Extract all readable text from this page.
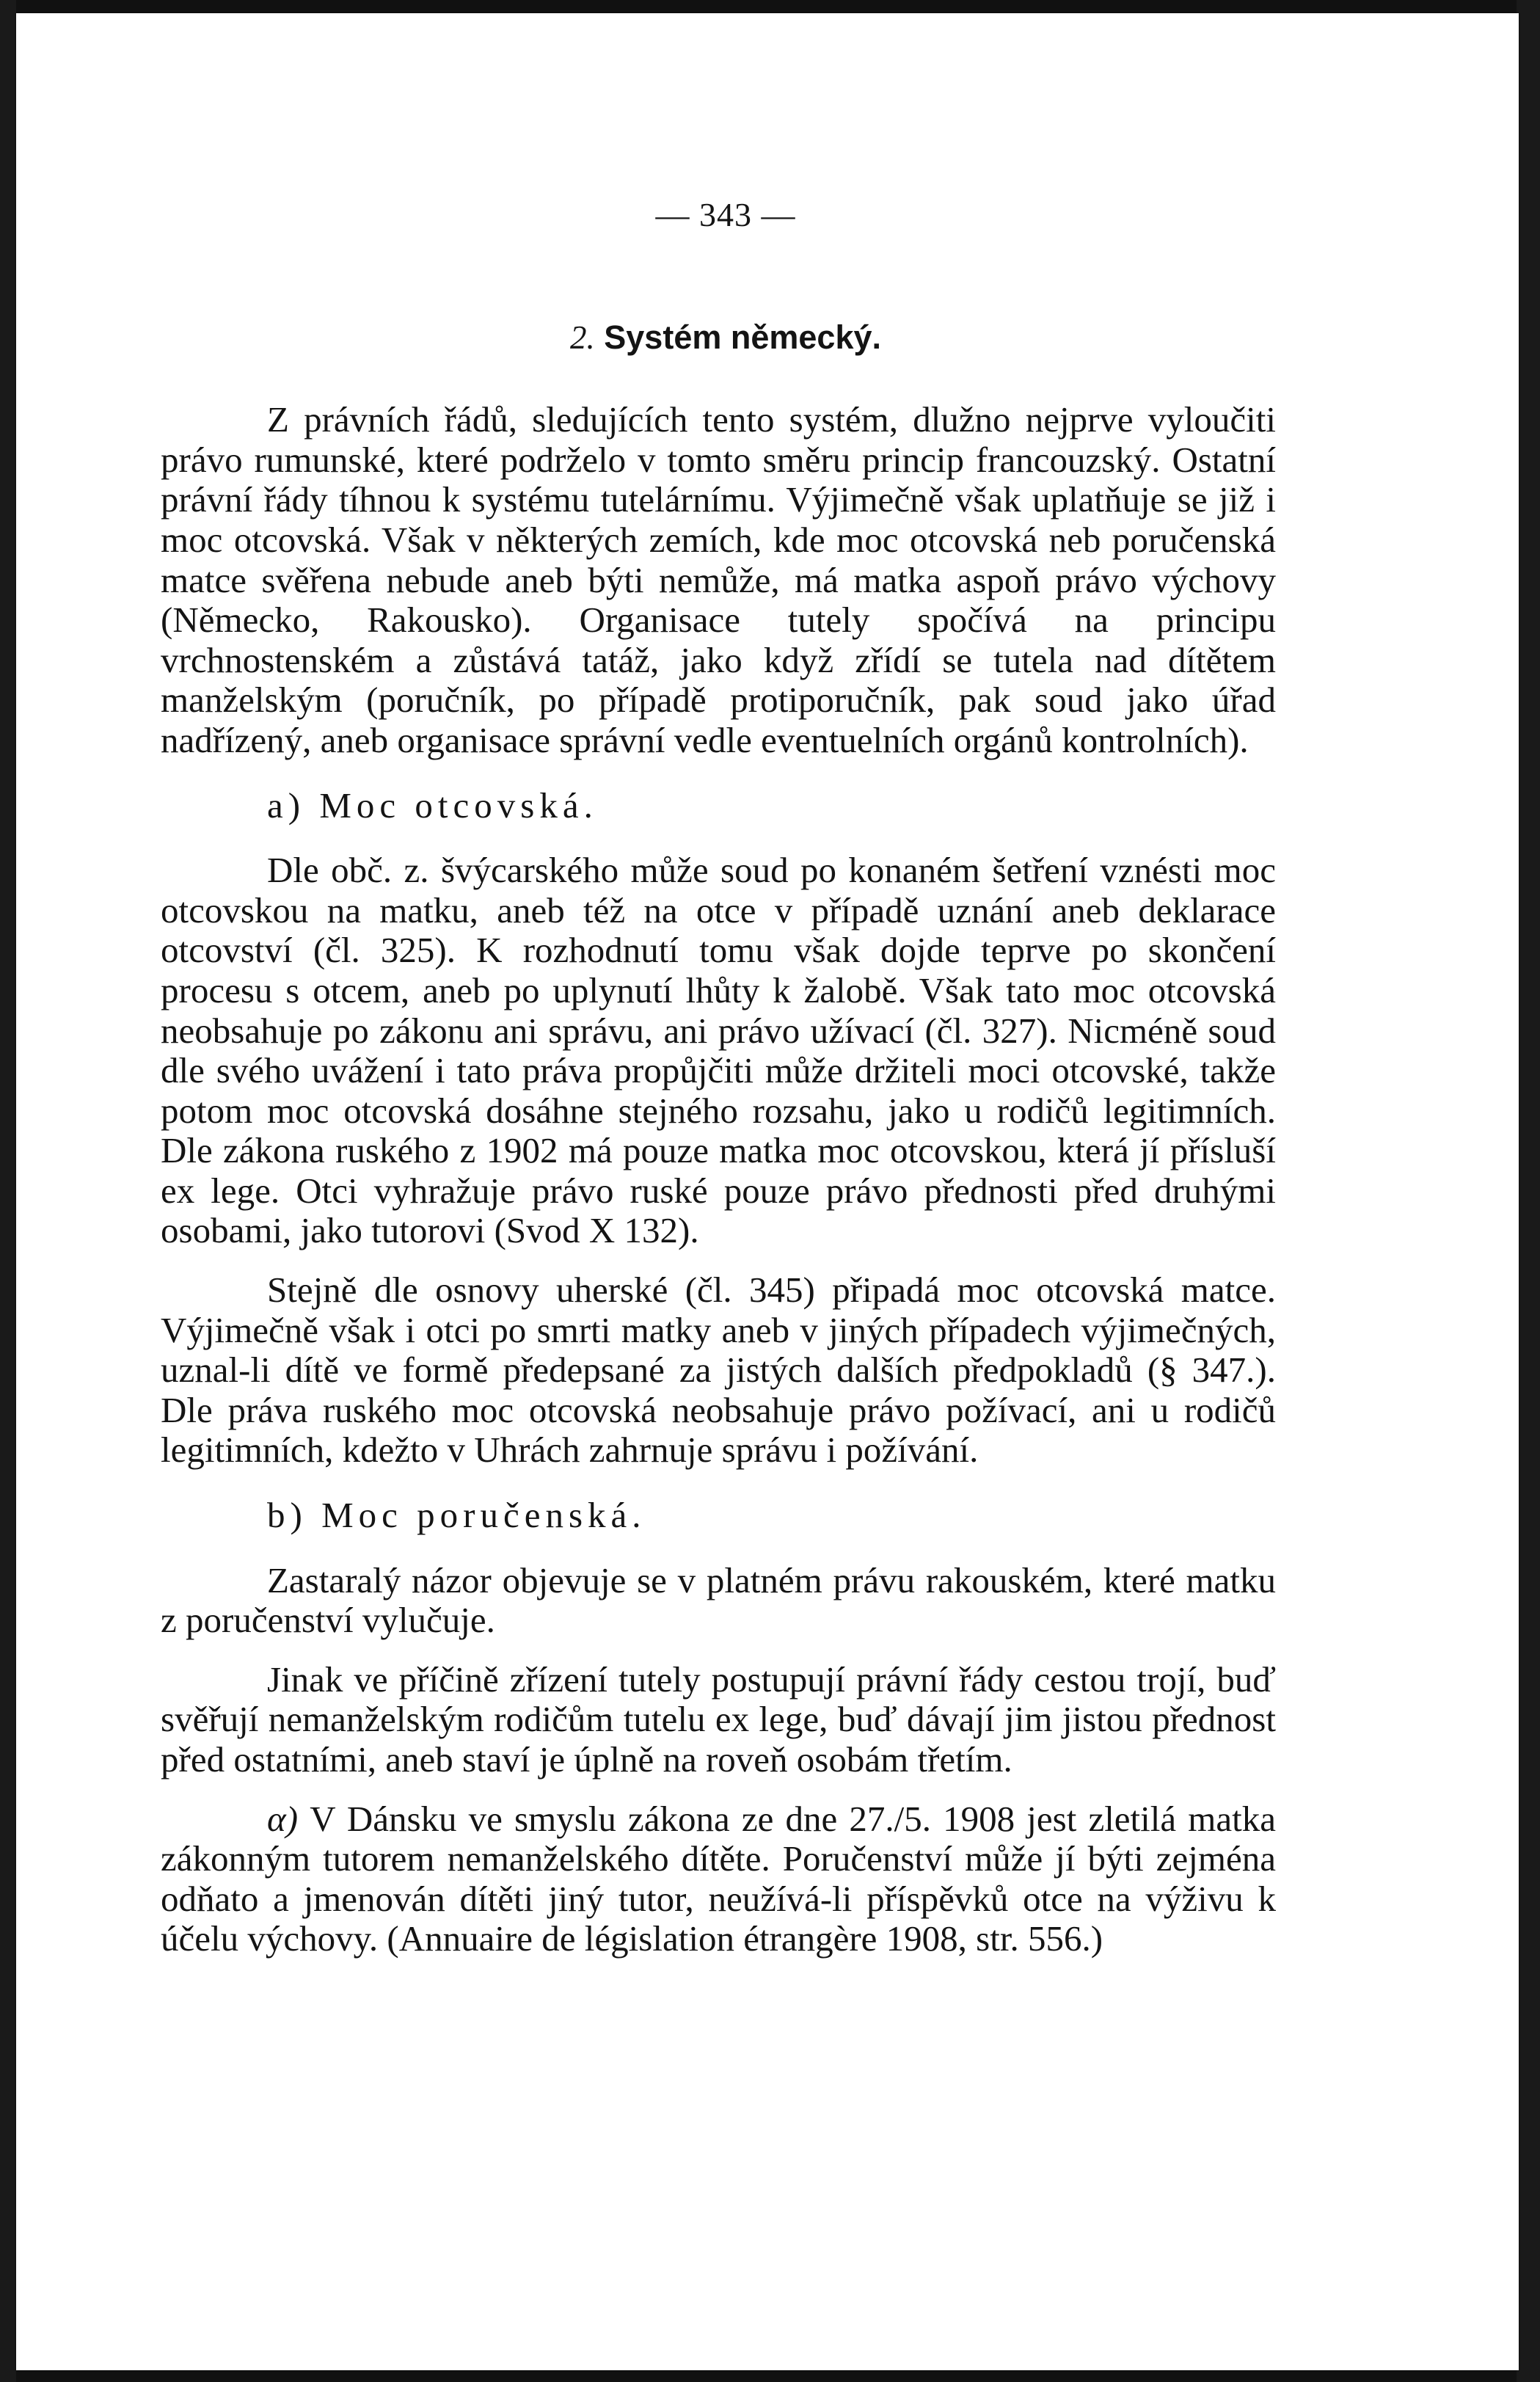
— 343 —
2. Systém německý.

Z právních řádů, sledujících tento systém, dlužno nejprve vyloučiti právo rumunské, které podrželo v tomto směru princip francouzský. Ostatní právní řády tíhnou k systému tutelárnímu. Výjimečně však uplatňuje se již i moc otcovská. Však v některých zemích, kde moc otcovská neb poručenská matce svěřena nebude aneb býti nemůže, má matka aspoň právo výchovy (Německo, Rakousko). Organisace tutely spočívá na principu vrchnostenském a zůstává tatáž, jako když zřídí se tutela nad dítětem manželským (poručník, po případě protiporučník, pak soud jako úřad nadřízený, aneb organisace správní vedle eventuelních orgánů kontrolních).

a) Moc otcovská.

Dle obč. z. švýcarského může soud po konaném šetření vznésti moc otcovskou na matku, aneb též na otce v případě uznání aneb deklarace otcovství (čl. 325). K rozhodnutí tomu však dojde teprve po skončení procesu s otcem, aneb po uplynutí lhůty k žalobě. Však tato moc otcovská neobsahuje po zákonu ani správu, ani právo užívací (čl. 327). Nicméně soud dle svého uvážení i tato práva propůjčiti může držiteli moci otcovské, takže potom moc otcovská dosáhne stejného rozsahu, jako u rodičů legitimních. Dle zákona ruského z 1902 má pouze matka moc otcovskou, která jí přísluší ex lege. Otci vyhražuje právo ruské pouze právo přednosti před druhými osobami, jako tutorovi (Svod X 132).

Stejně dle osnovy uherské (čl. 345) připadá moc otcovská matce. Výjimečně však i otci po smrti matky aneb v jiných případech výjimečných, uznal-li dítě ve formě předepsané za jistých dalších předpokladů (§ 347.). Dle práva ruského moc otcovská neobsahuje právo požívací, ani u rodičů legitimních, kdežto v Uhrách zahrnuje správu i požívání.

b) Moc poručenská.

Zastaralý názor objevuje se v platném právu rakouském, které matku z poručenství vylučuje.

Jinak ve příčině zřízení tutely postupují právní řády cestou trojí, buď svěřují nemanželským rodičům tutelu ex lege, buď dávají jim jistou přednost před ostatními, aneb staví je úplně na roveň osobám třetím.

α) V Dánsku ve smyslu zákona ze dne 27./5. 1908 jest zletilá matka zákonným tutorem nemanželského dítěte. Poručenství může jí býti zejména odňato a jmenován dítěti jiný tutor, neužívá-li příspěvků otce na výživu k účelu výchovy. (Annuaire de législation étrangère 1908, str. 556.)
